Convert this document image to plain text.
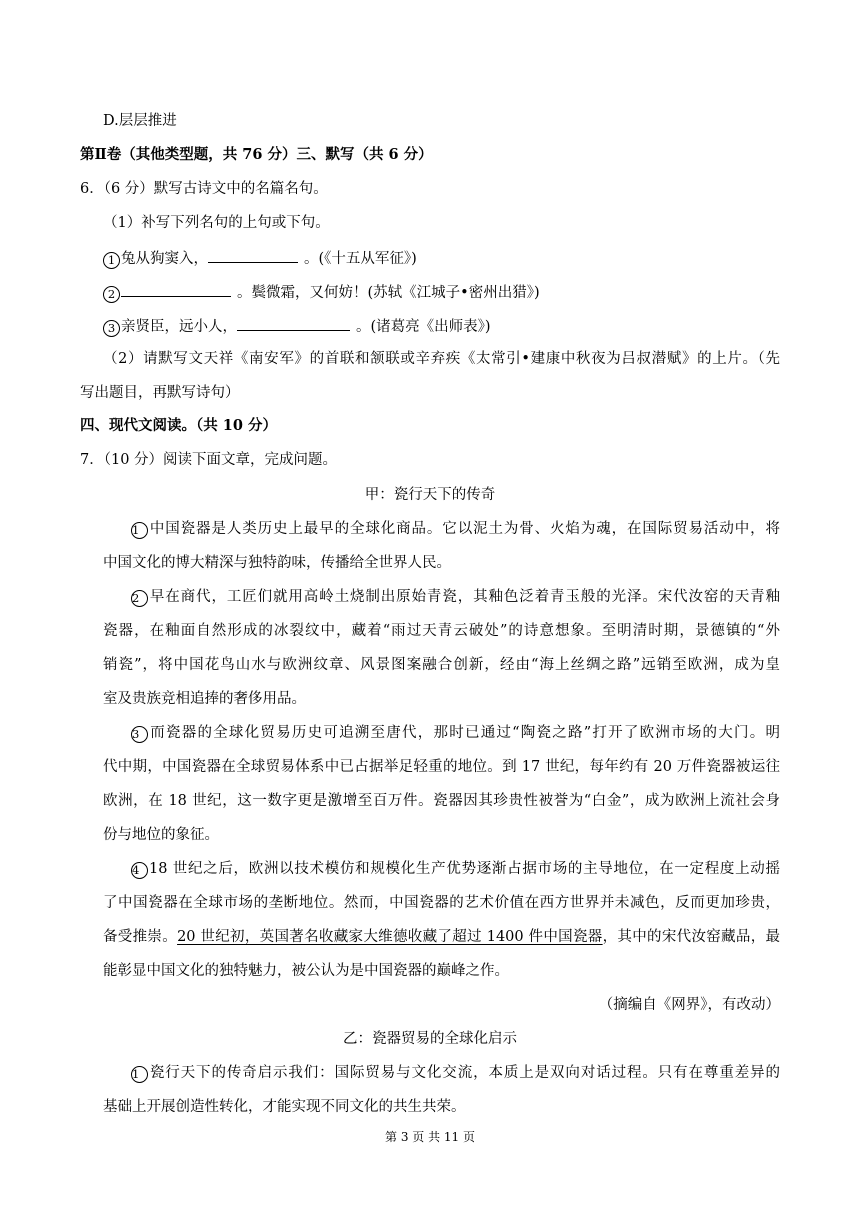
D.层层推进
第Ⅱ卷（其他类型题，共 76 分）三、默写（共 6 分）
6．（6 分）默写古诗文中的名篇名句。
（1）补写下列名句的上句或下句。
1 兔从狗窦入，	。(《十五从军征》)
2	。鬓微霜，又何妨！(苏轼《江城子•密州出猎》)
3 亲贤臣，远小人，	。(诸葛亮《出师表》)
（2）请默写文天祥《南安军》的首联和颔联或辛弃疾《太常引•建康中秋夜为吕叔潜赋》的上片。（先
写出题目，再默写诗句）
四、现代文阅读。（共 10 分）
7．（10 分）阅读下面文章，完成问题。
甲：瓷行天下的传奇
1 中国瓷器是人类历史上最早的全球化商品。它以泥土为骨、火焰为魂，在国际贸易活动中，将
中国文化的博大精深与独特韵味，传播给全世界人民。
2 早在商代，工匠们就用高岭土烧制出原始青瓷，其釉色泛着青玉般的光泽。宋代汝窑的天青釉
瓷器，在釉面自然形成的冰裂纹中，藏着“雨过天青云破处”的诗意想象。至明清时期，景德镇的“外
销瓷”，将中国花鸟山水与欧洲纹章、风景图案融合创新，经由“海上丝绸之路”远销至欧洲，成为皇
室及贵族竞相追捧的奢侈用品。
3 而瓷器的全球化贸易历史可追溯至唐代，那时已通过“陶瓷之路”打开了欧洲市场的大门。明
代中期，中国瓷器在全球贸易体系中已占据举足轻重的地位。到 17 世纪，每年约有 20 万件瓷器被运往
欧洲，在 18 世纪，这一数字更是激增至百万件。瓷器因其珍贵性被誉为“白金”，成为欧洲上流社会身
份与地位的象征。
4 18 世纪之后，欧洲以技术模仿和规模化生产优势逐渐占据市场的主导地位，在一定程度上动摇
了中国瓷器在全球市场的垄断地位。然而，中国瓷器的艺术价值在西方世界并未减色，反而更加珍贵，
备受推崇。20 世纪初，英国著名收藏家大维德收藏了超过 1400 件中国瓷器，其中的宋代汝窑藏品，最
能彰显中国文化的独特魅力，被公认为是中国瓷器的巅峰之作。
（摘编自《网界》，有改动）
乙：瓷器贸易的全球化启示
1 瓷行天下的传奇启示我们：国际贸易与文化交流，本质上是双向对话过程。只有在尊重差异的
基础上开展创造性转化，才能实现不同文化的共生共荣。
第 3 页 共 11 页
